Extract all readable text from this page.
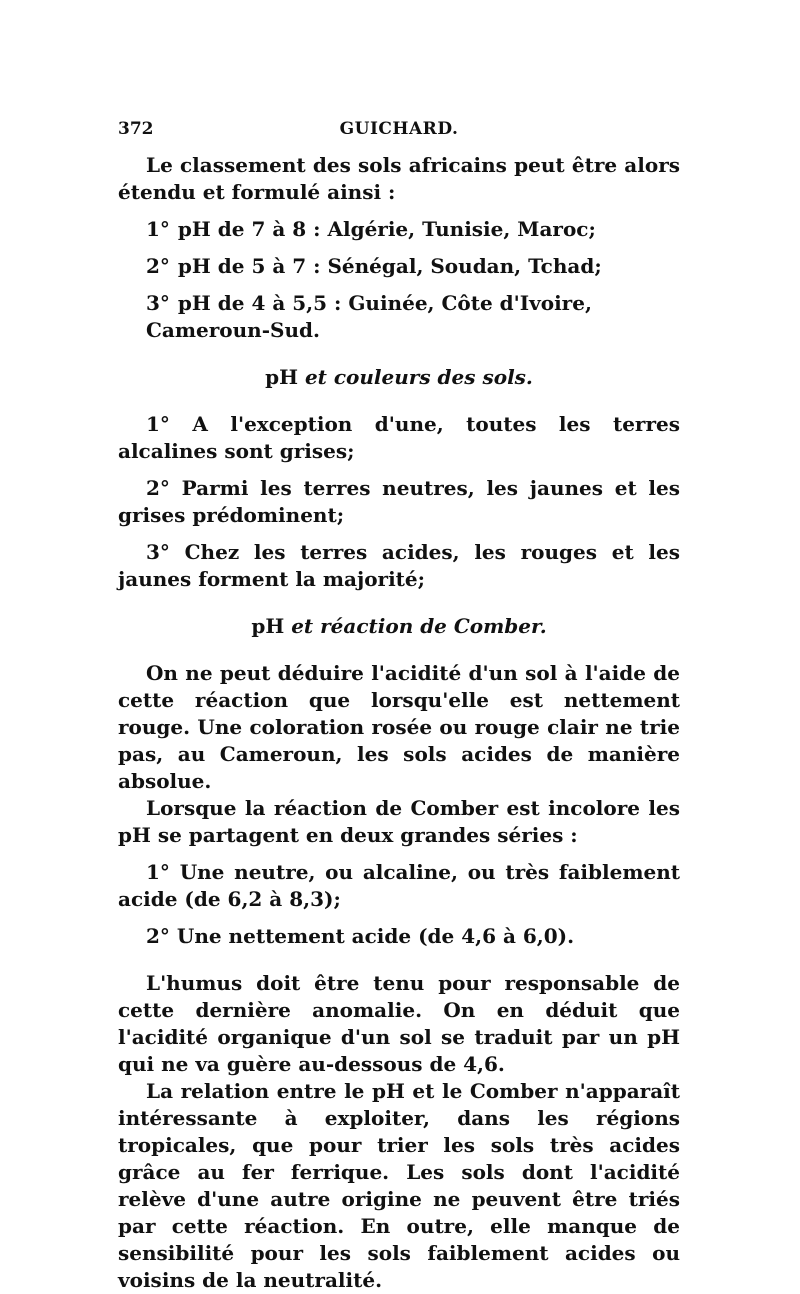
372	GUICHARD.

Le classement des sols africains peut être alors étendu et formulé ainsi :

1° pH de 7 à 8 : Algérie, Tunisie, Maroc;
2° pH de 5 à 7 : Sénégal, Soudan, Tchad;
3° pH de 4 à 5,5 : Guinée, Côte d'Ivoire, Cameroun-Sud.

pH et couleurs des sols.

1° A l'exception d'une, toutes les terres alcalines sont grises;

2° Parmi les terres neutres, les jaunes et les grises prédominent;

3° Chez les terres acides, les rouges et les jaunes forment la majorité;

pH et réaction de Comber.

On ne peut déduire l'acidité d'un sol à l'aide de cette réaction que lorsqu'elle est nettement rouge. Une coloration rosée ou rouge clair ne trie pas, au Cameroun, les sols acides de manière absolue.

Lorsque la réaction de Comber est incolore les pH se partagent en deux grandes séries :

1° Une neutre, ou alcaline, ou très faiblement acide (de 6,2 à 8,3);

2° Une nettement acide (de 4,6 à 6,0).

L'humus doit être tenu pour responsable de cette dernière anomalie. On en déduit que l'acidité organique d'un sol se traduit par un pH qui ne va guère au-dessous de 4,6.

La relation entre le pH et le Comber n'apparaît intéressante à exploiter, dans les régions tropicales, que pour trier les sols très acides grâce au fer ferrique. Les sols dont l'acidité relève d'une autre origine ne peuvent être triés par cette réaction. En outre, elle manque de sensibilité pour les sols faiblement acides ou voisins de la neutralité.
